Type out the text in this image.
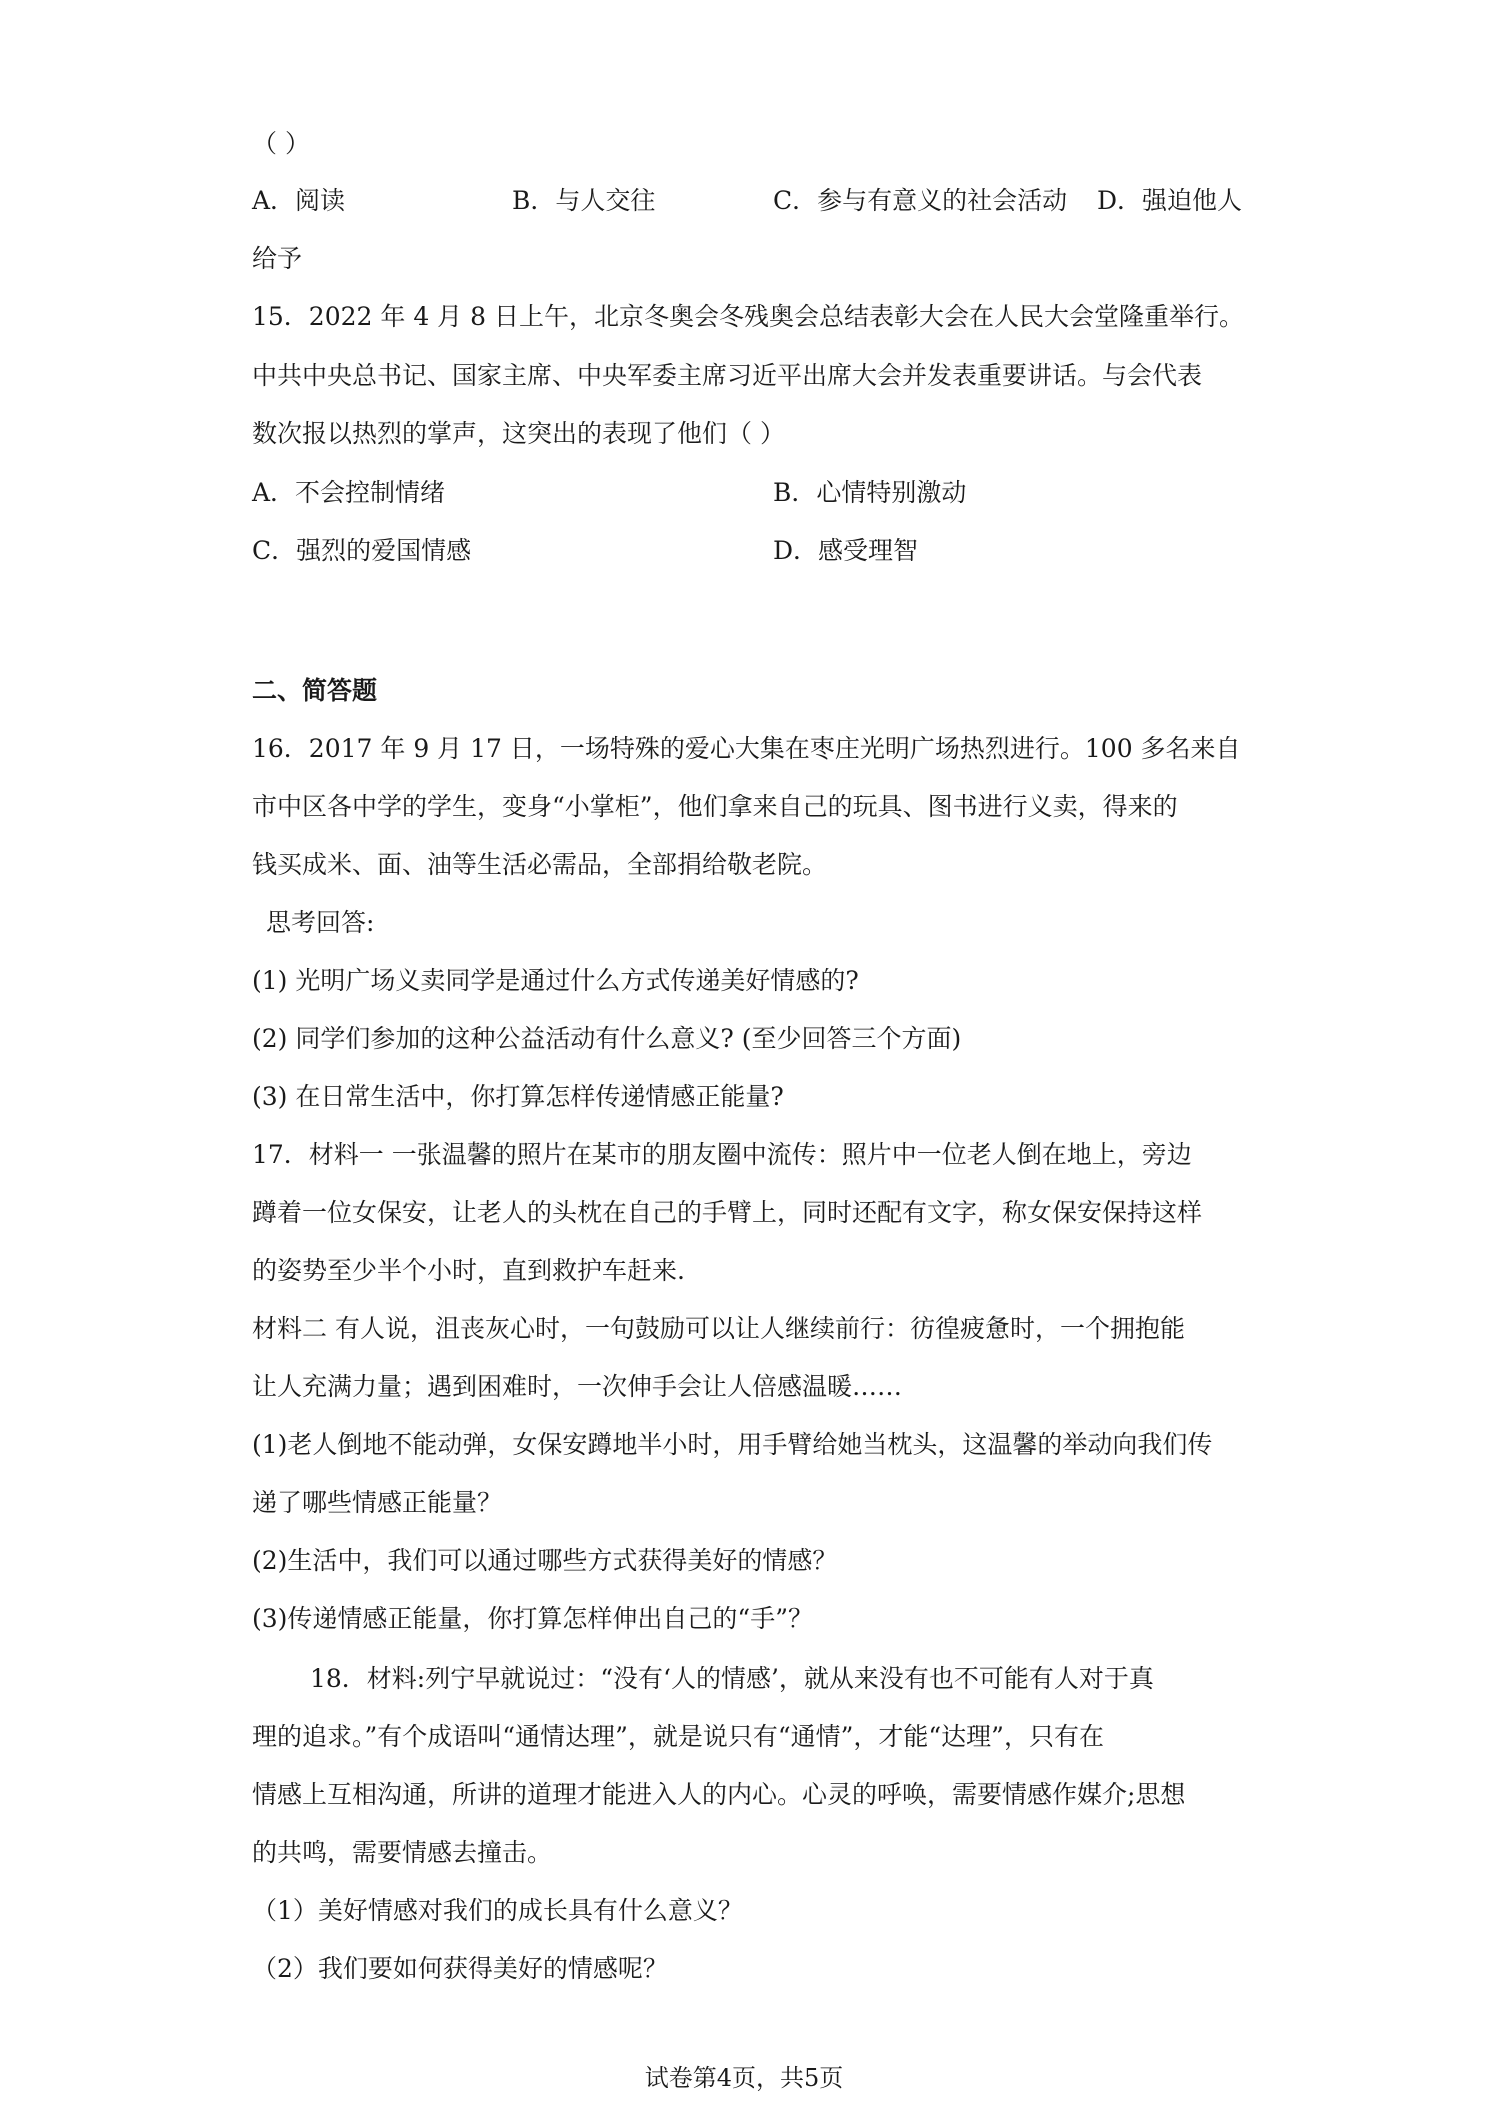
（ ）
A．阅读	B．与人交往	C．参与有意义的社会活动 D．强迫他人
给予
15．2022 年 4 月 8 日上午，北京冬奥会冬残奥会总结表彰大会在人民大会堂隆重举行。
中共中央总书记、国家主席、中央军委主席习近平出席大会并发表重要讲话。与会代表
数次报以热烈的掌声，这突出的表现了他们（ ）
A．不会控制情绪	B．心情特别激动
C．强烈的爱国情感	D．感受理智
二、简答题
16．2017 年 9 月 17 日，一场特殊的爱心大集在枣庄光明广场热烈进行。100 多名来自
市中区各中学的学生，变身“小掌柜”，他们拿来自己的玩具、图书进行义卖，得来的
钱买成米、面、油等生活必需品，全部捐给敬老院。
思考回答:
(1) 光明广场义卖同学是通过什么方式传递美好情感的?
(2) 同学们参加的这种公益活动有什么意义? (至少回答三个方面)
(3) 在日常生活中，你打算怎样传递情感正能量?
17．材料一 一张温馨的照片在某市的朋友圈中流传：照片中一位老人倒在地上，旁边
蹲着一位女保安，让老人的头枕在自己的手臂上，同时还配有文字，称女保安保持这样
的姿势至少半个小时，直到救护车赶来.
材料二 有人说，沮丧灰心时，一句鼓励可以让人继续前行：彷徨疲惫时，一个拥抱能
让人充满力量；遇到困难时，一次伸手会让人倍感温暖……
(1)老人倒地不能动弹，女保安蹲地半小时，用手臂给她当枕头，这温馨的举动向我们传
递了哪些情感正能量？
(2)生活中，我们可以通过哪些方式获得美好的情感？
(3)传递情感正能量，你打算怎样伸出自己的“手”？
18．材料:列宁早就说过：“没有‘人的情感’，就从来没有也不可能有人对于真
理的追求。”有个成语叫“通情达理”，就是说只有“通情”，才能“达理”，只有在
情感上互相沟通，所讲的道理才能进入人的内心。心灵的呼唤，需要情感作媒介;思想
的共鸣，需要情感去撞击。
（1）美好情感对我们的成长具有什么意义？
（2）我们要如何获得美好的情感呢？
试卷第4页，共5页
